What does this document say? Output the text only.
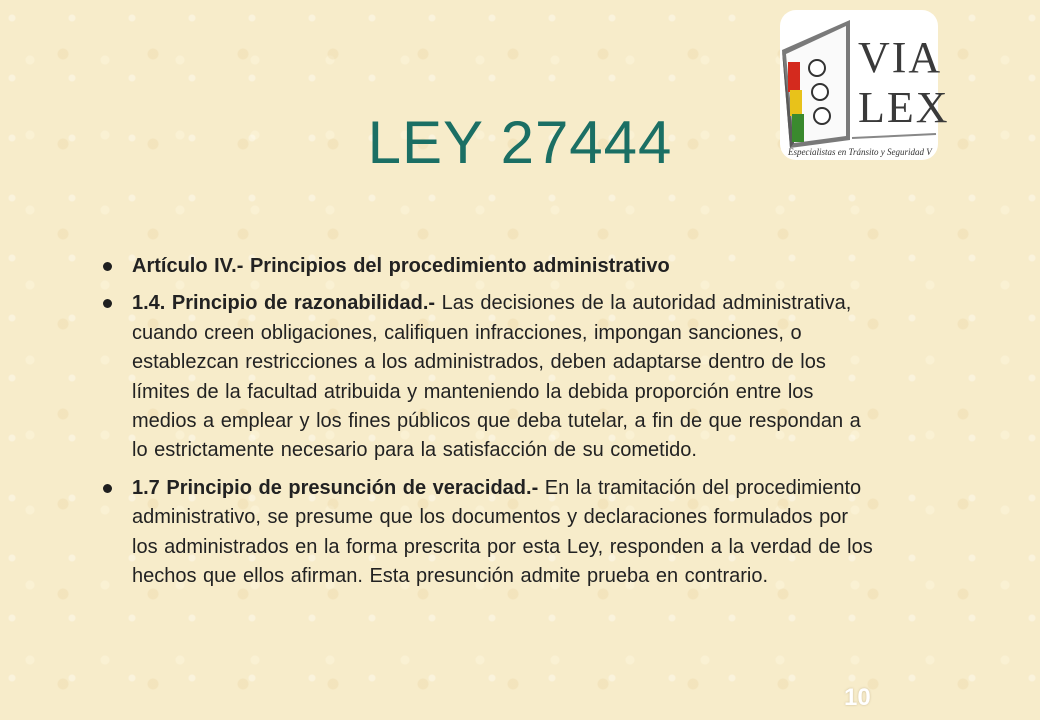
VIA
LEX
Especialistas en Tránsito y Seguridad V
LEY 27444
Artículo IV.- Principios del procedimiento administrativo
1.4. Principio de razonabilidad.- Las decisiones de la autoridad administrativa, cuando creen obligaciones, califiquen infracciones, impongan sanciones, o establezcan restricciones a los administrados, deben adaptarse dentro de los límites de la facultad atribuida y manteniendo la debida proporción entre los medios a emplear y los fines públicos que deba tutelar, a fin de que respondan a lo estrictamente necesario para la satisfacción de su cometido.
1.7 Principio de presunción de veracidad.- En la tramitación del procedimiento administrativo, se presume que los documentos y declaraciones formulados por los administrados en la forma prescrita por esta Ley, responden a la verdad de los hechos que ellos afirman. Esta presunción admite prueba en contrario.
10
